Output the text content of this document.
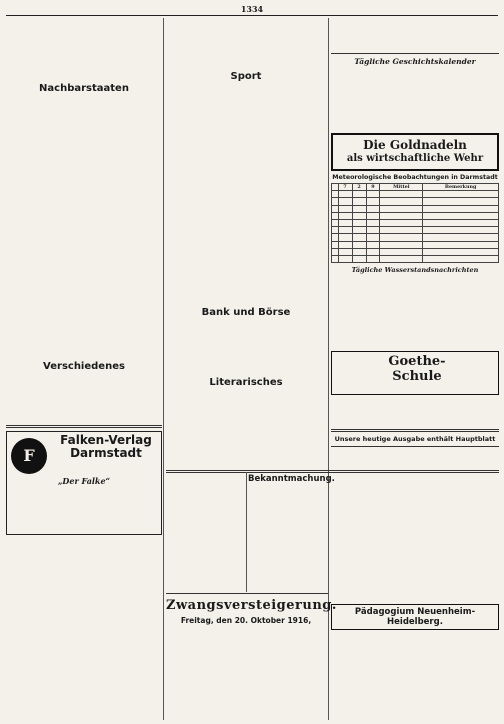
1334

Nachbarstaaten

Verschiedenes

F
Falken-Verlag
Darmstadt
„Der Falke“

Sport

Bank und Börse

Literarisches

Bekanntmachung.

Zwangsversteigerung.

Freitag, den 20. Oktober 1916,

Tägliche Geschichtskalender

Die Goldnadeln
als wirtschaftliche Wehr
Meteorologische Beobachtungen in Darmstadt
	7	2	9	Mittel	Bemerkung

Tägliche Wasserstandsnachrichten

Goethe-Schule

Unsere heutige Ausgabe enthält Hauptblatt

Pädagogium Neuenheim-Heidelberg.
